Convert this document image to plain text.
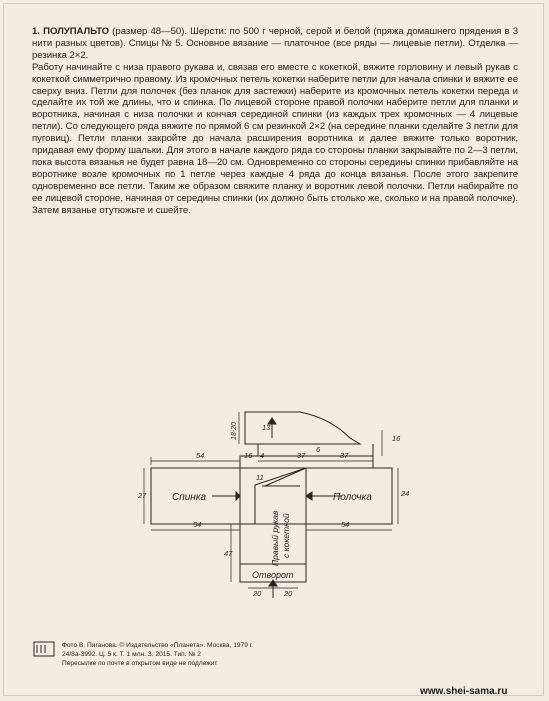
1. ПОЛУПАЛЬТО (размер 48—50). Шерсти: по 500 г черной, серой и белой (пряжа домашнего прядения в 3 нити разных цветов). Спицы № 5. Основное вязание — платочное (все ряды — лицевые петли). Отделка — резинка 2×2.

Работу начинайте с низа правого рукава и, связав его вместе с кокеткой, вяжите горловину и левый рукав с кокеткой симметрично правому. Из кромочных петель кокетки наберите петли для начала спинки и вяжите ее сверху вниз. Петли для полочек (без планок для застежки) наберите из кромочных петель кокетки переда и сделайте их той же длины, что и спинка. По лицевой стороне правой полочки наберите петли для планки и воротника, начиная с низа полочки и кончая серединой спинки (из каждых трех кромочных — 4 лицевые петли). Со следующего ряда вяжите по прямой 6 см резинкой 2×2 (на середине планки сделайте 3 петли для пуговиц). Петли планки закройте до начала расширения воротника и далее вяжите только воротник, придавая ему форму шальки. Для этого в начале каждого ряда со стороны планки закрывайте по 2—3 петли, пока высота вязанья не будет равна 18—20 см. Одновременно со стороны середины спинки прибавляйте на воротнике возле кромочных по 1 петле через каждые 4 ряда до конца вязанья. После этого закрепите одновременно все петли. Таким же образом свяжите планку и воротник левой полочки. Петли набирайте по ее лицевой стороне, начиная от середины спинки (их должно быть столько же, сколько и на правой полочке). Затем вязанье отутюжьте и сшейте.

54	16 4	37	37
16
27	24
11
54	54
47
20	20
6
13
18-20
Спинка	Полочка
Отворот
Правый рукав с кокеткой
Фото В. Пиганова. © Издательство «Планета». Москва, 1979 г.
24/8а-3992. Ц. 5 к. Т. 1 млн. З. 2015. Тип. № 2
Пересылке по почте в открытом виде не подлежит
www.shei-sama.ru
